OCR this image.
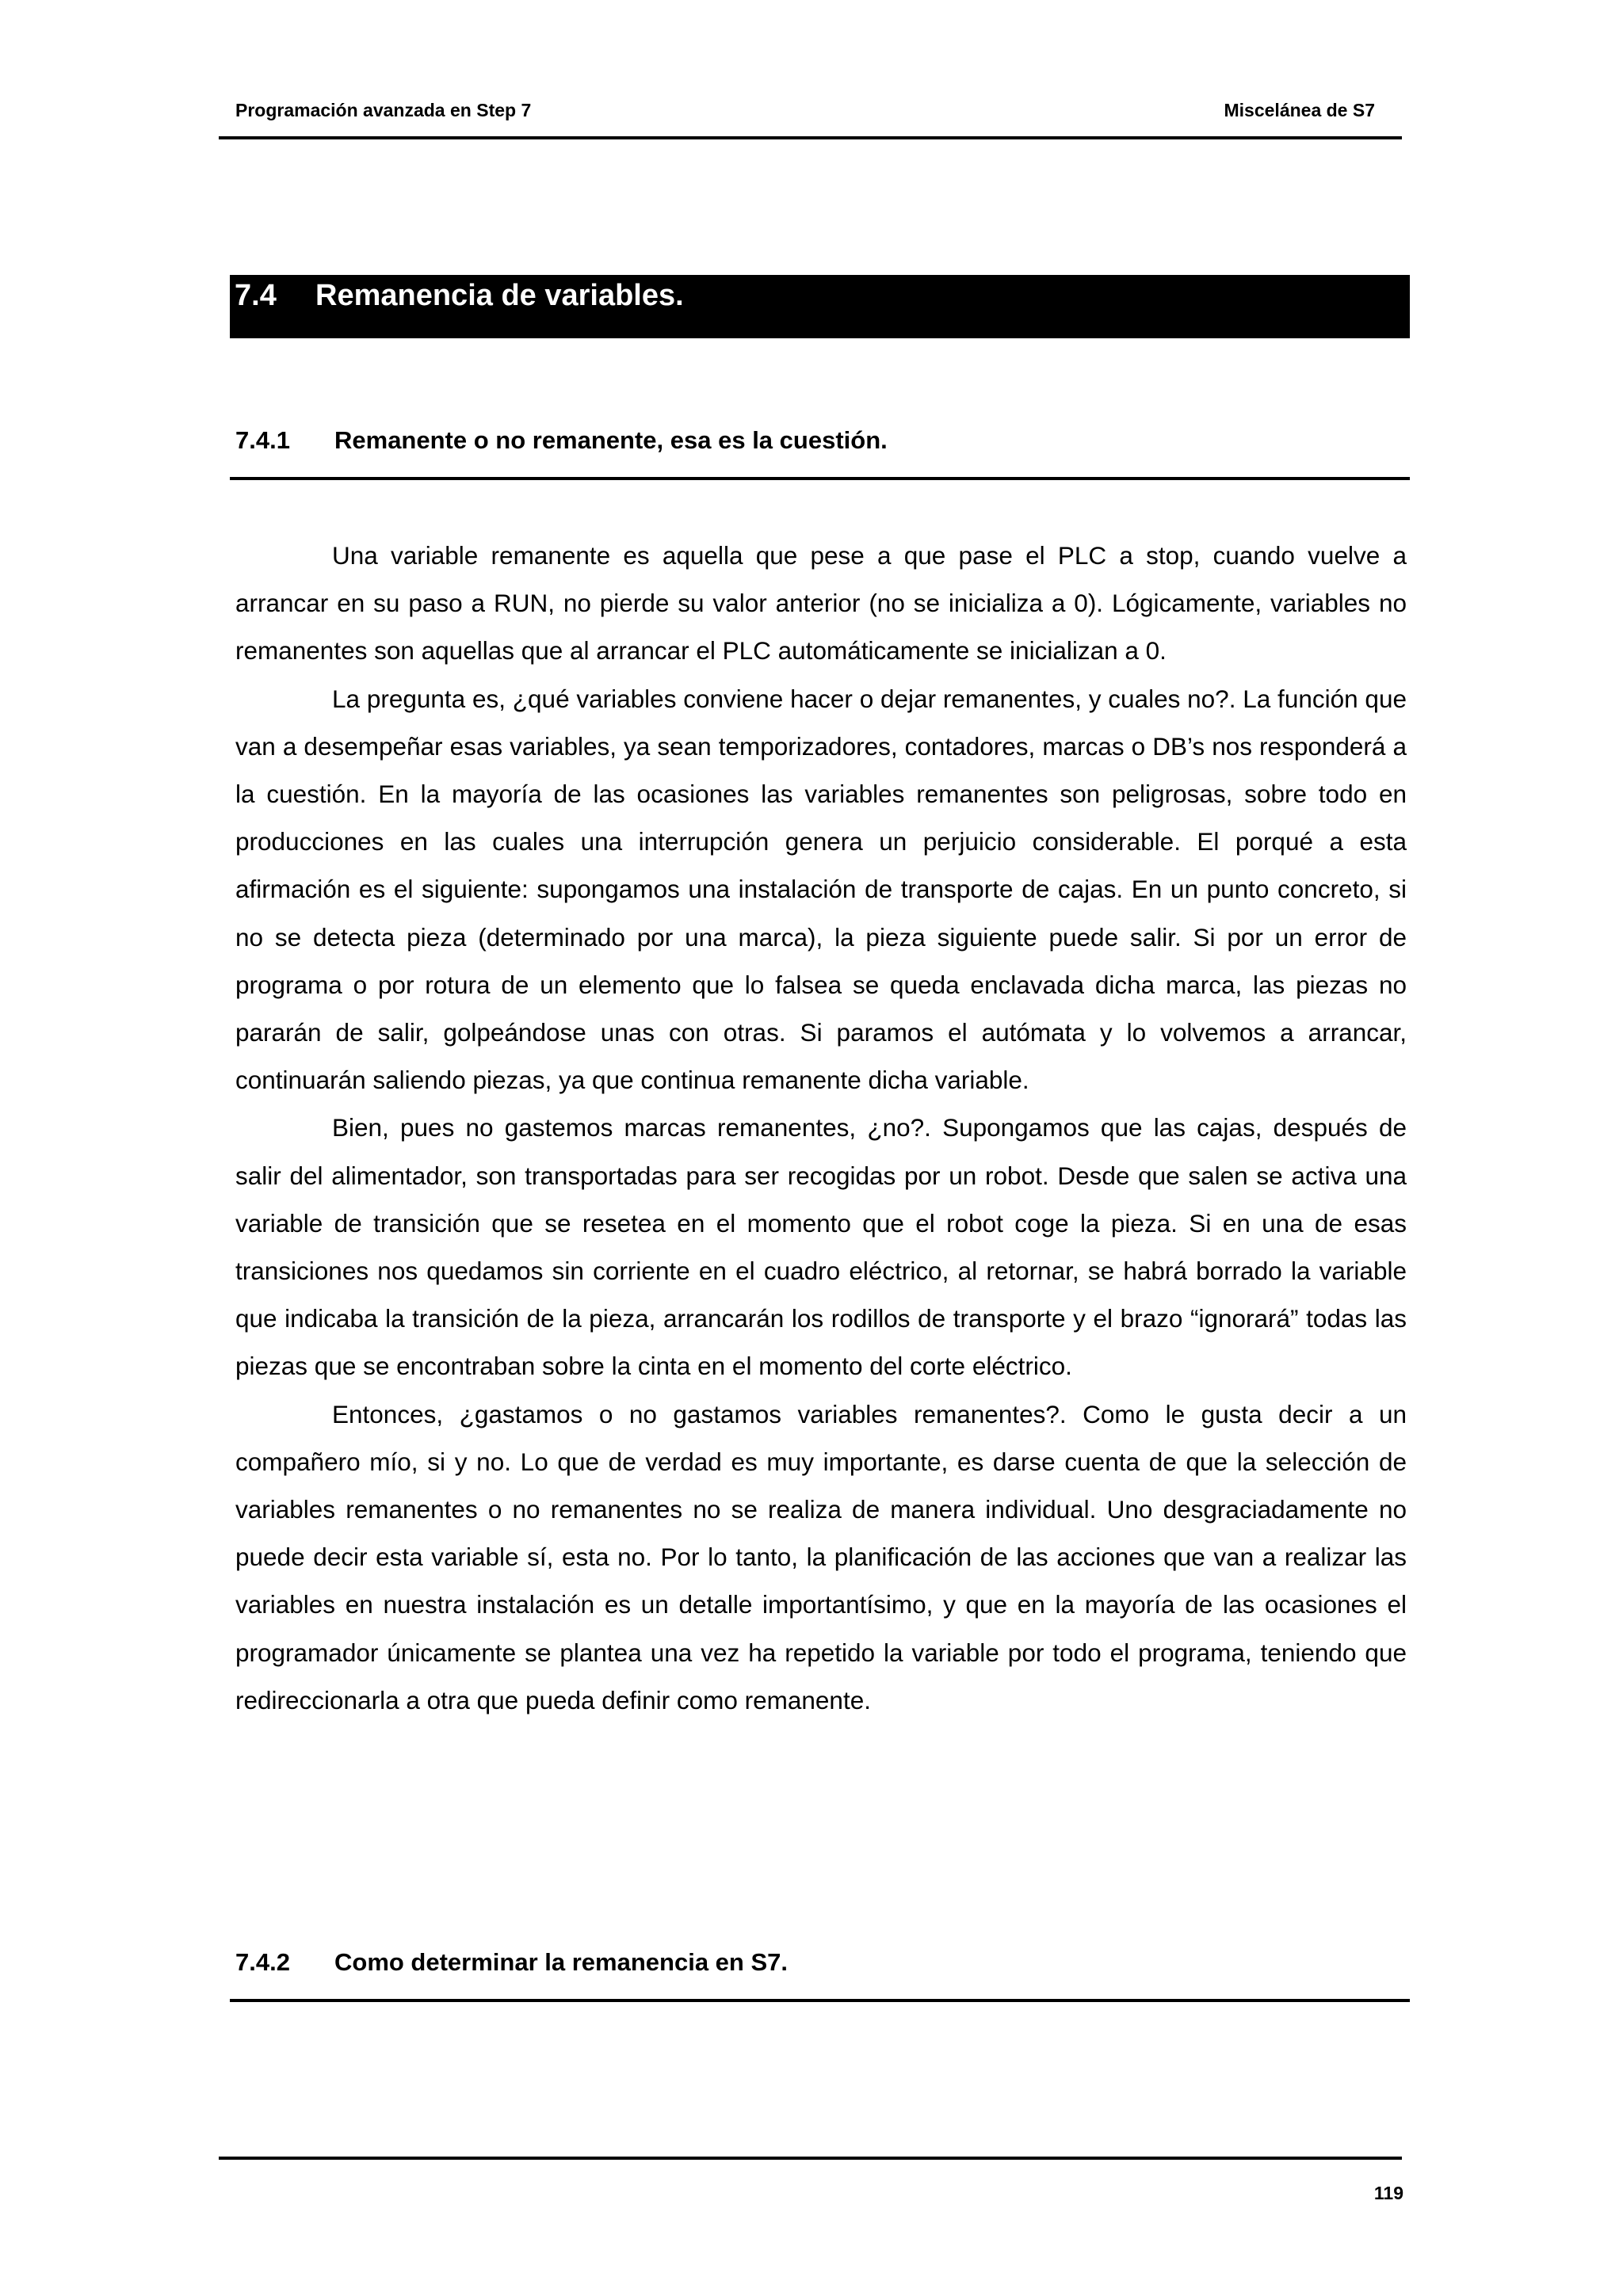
Programación avanzada en Step 7	Miscelánea de S7
7.4 Remanencia de variables.
7.4.1 Remanente o no remanente, esa es la cuestión.

Una variable remanente es aquella que pese a que pase el PLC a stop, cuando vuelve a arrancar en su paso a RUN, no pierde su valor anterior (no se inicializa a 0). Lógicamente, variables no remanentes son aquellas que al arrancar el PLC automáticamente se inicializan a 0.

La pregunta es, ¿qué variables conviene hacer o dejar remanentes, y cuales no?. La función que van a desempeñar esas variables, ya sean temporizadores, contadores, marcas o DB’s nos responderá a la cuestión. En la mayoría de las ocasiones las variables remanentes son peligrosas, sobre todo en producciones en las cuales una interrupción genera un perjuicio considerable. El porqué a esta afirmación es el siguiente: supongamos una instalación de transporte de cajas. En un punto concreto, si no se detecta pieza (determinado por una marca), la pieza siguiente puede salir. Si por un error de programa o por rotura de un elemento que lo falsea se queda enclavada dicha marca, las piezas no pararán de salir, golpeándose unas con otras. Si paramos el autómata y lo volvemos a arrancar, continuarán saliendo piezas, ya que continua remanente dicha variable.

Bien, pues no gastemos marcas remanentes, ¿no?. Supongamos que las cajas, después de salir del alimentador, son transportadas para ser recogidas por un robot. Desde que salen se activa una variable de transición que se resetea en el momento que el robot coge la pieza. Si en una de esas transiciones nos quedamos sin corriente en el cuadro eléctrico, al retornar, se habrá borrado la variable que indicaba la transición de la pieza, arrancarán los rodillos de transporte y el brazo “ignorará” todas las piezas que se encontraban sobre la cinta en el momento del corte eléctrico.

Entonces, ¿gastamos o no gastamos variables remanentes?. Como le gusta decir a un compañero mío, si y no. Lo que de verdad es muy importante, es darse cuenta de que la selección de variables remanentes o no remanentes no se realiza de manera individual. Uno desgraciadamente no puede decir esta variable sí, esta no. Por lo tanto, la planificación de las acciones que van a realizar las variables en nuestra instalación es un detalle importantísimo, y que en la mayoría de las ocasiones el programador únicamente se plantea una vez ha repetido la variable por todo el programa, teniendo que redireccionarla a otra que pueda definir como remanente.

7.4.2 Como determinar la remanencia en S7.
119
